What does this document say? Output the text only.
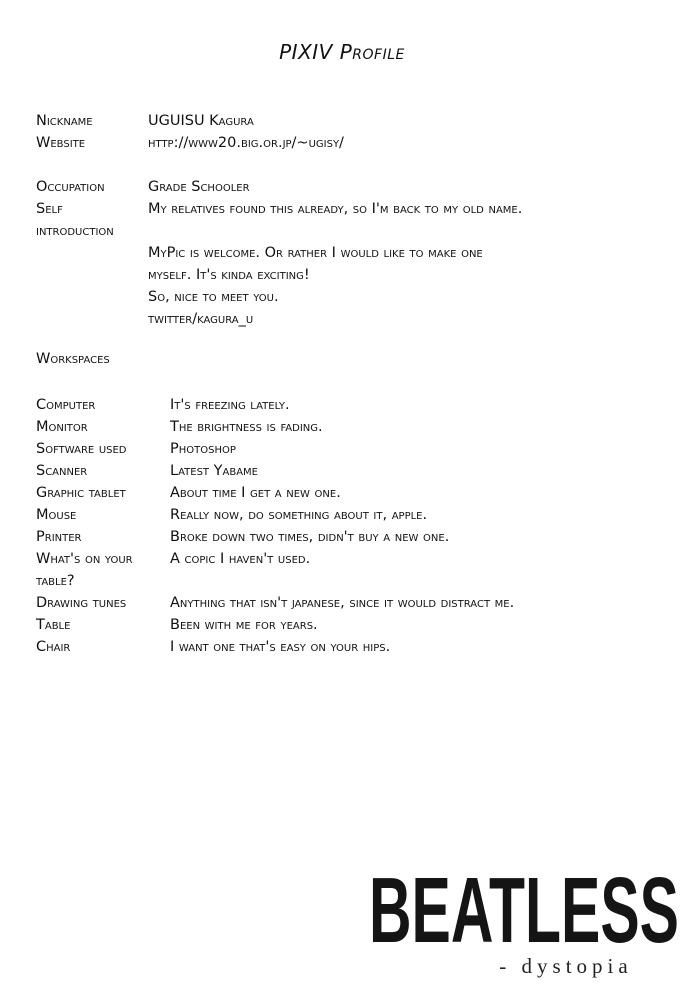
PIXIV Profile
Nickname	UGUISU Kagura
Website	http://www20.big.or.jp/~ugisy/
Occupation	Grade Schooler
Self	My relatives found this already, so I'm back to my old name.
introduction
MyPic is welcome. Or rather I would like to make one
myself. It's kinda exciting!
So, nice to meet you.
twitter/kagura_u
Workspaces
Computer	It's freezing lately.
Monitor	The brightness is fading.
Software used	Photoshop
Scanner	Latest Yabame
Graphic tablet	About time I get a new one.
Mouse	Really now, do something about it, apple.
Printer	Broke down two times, didn't buy a new one.
What's on your	A copic I haven't used.
table?
Drawing tunes	Anything that isn't japanese, since it would distract me.
Table	Been with me for years.
Chair	I want one that's easy on your hips.
BEATLESS
- dystopia
